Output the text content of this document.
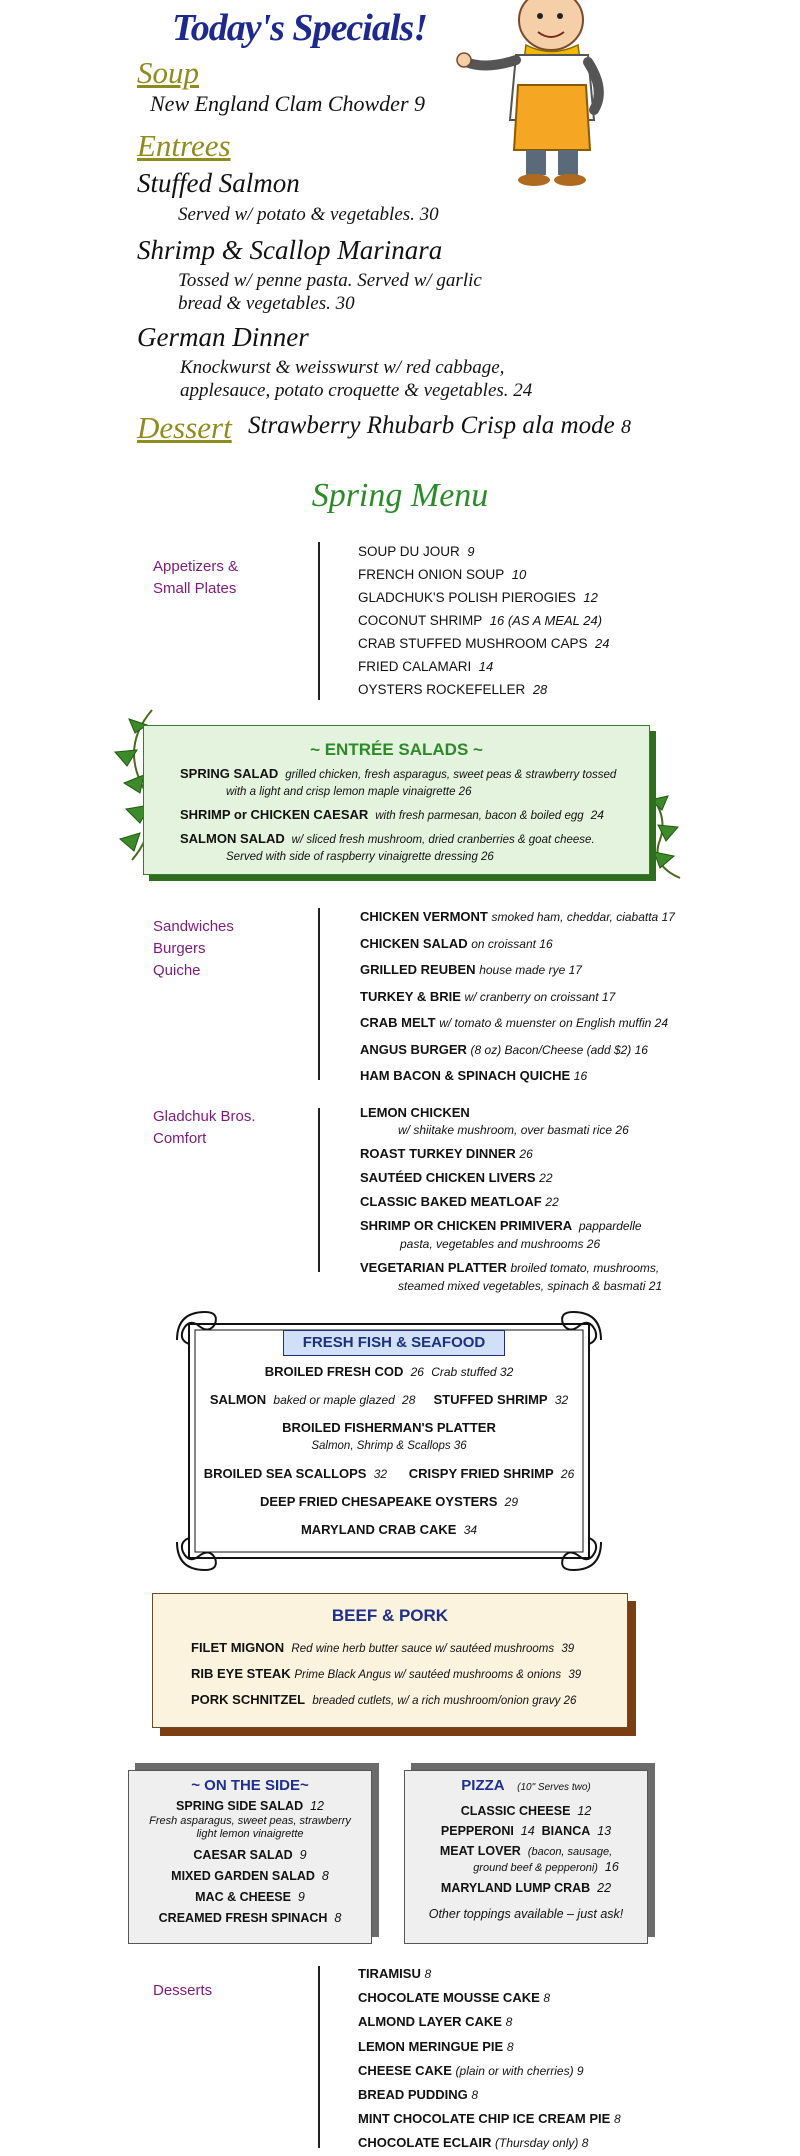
Today's Specials!
Soup
New England Clam Chowder 9
Entrees
Stuffed Salmon
Served w/ potato & vegetables. 30
Shrimp & Scallop Marinara
Tossed w/ penne pasta. Served w/ garlic
bread & vegetables. 30
German Dinner
Knockwurst & weisswurst w/ red cabbage,
applesauce, potato croquette & vegetables. 24
Dessert Strawberry Rhubarb Crisp ala mode 8
Spring Menu
Appetizers &
Small Plates
SOUP DU JOUR 9
FRENCH ONION SOUP 10
GLADCHUK'S POLISH PIEROGIES 12
COCONUT SHRIMP 16 (AS A MEAL 24)
CRAB STUFFED MUSHROOM CAPS 24
FRIED CALAMARI 14
OYSTERS ROCKEFELLER 28
~ ENTRÉE SALADS ~
SPRING SALAD grilled chicken, fresh asparagus, sweet peas & strawberry tossed
with a light and crisp lemon maple vinaigrette 26
SHRIMP or CHICKEN CAESAR with fresh parmesan, bacon & boiled egg 24
SALMON SALAD w/ sliced fresh mushroom, dried cranberries & goat cheese.
Served with side of raspberry vinaigrette dressing 26
Sandwiches
Burgers
Quiche
CHICKEN VERMONT smoked ham, cheddar, ciabatta 17
CHICKEN SALAD on croissant 16
GRILLED REUBEN house made rye 17
TURKEY & BRIE w/ cranberry on croissant 17
CRAB MELT w/ tomato & muenster on English muffin 24
ANGUS BURGER (8 oz) Bacon/Cheese (add $2) 16
HAM BACON & SPINACH QUICHE 16
Gladchuk Bros.
Comfort
LEMON CHICKEN
w/ shiitake mushroom, over basmati rice 26
ROAST TURKEY DINNER 26
SAUTÉED CHICKEN LIVERS 22
CLASSIC BAKED MEATLOAF 22
SHRIMP OR CHICKEN PRIMIVERA pappardelle
pasta, vegetables and mushrooms 26
VEGETARIAN PLATTER broiled tomato, mushrooms,
steamed mixed vegetables, spinach & basmati 21
FRESH FISH & SEAFOOD
BROILED FRESH COD 26 Crab stuffed 32
SALMON baked or maple glazed 28 STUFFED SHRIMP 32
BROILED FISHERMAN'S PLATTER
Salmon, Shrimp & Scallops 36
BROILED SEA SCALLOPS 32 CRISPY FRIED SHRIMP 26
DEEP FRIED CHESAPEAKE OYSTERS 29
MARYLAND CRAB CAKE 34
BEEF & PORK
FILET MIGNON Red wine herb butter sauce w/ sautéed mushrooms 39
RIB EYE STEAK Prime Black Angus w/ sautéed mushrooms & onions 39
PORK SCHNITZEL breaded cutlets, w/ a rich mushroom/onion gravy 26
~ ON THE SIDE~
SPRING SIDE SALAD 12
Fresh asparagus, sweet peas, strawberry
light lemon vinaigrette
CAESAR SALAD 9
MIXED GARDEN SALAD 8
MAC & CHEESE 9
CREAMED FRESH SPINACH 8
PIZZA (10" Serves two)
CLASSIC CHEESE 12
PEPPERONI 14 BIANCA 13
MEAT LOVER (bacon, sausage,
ground beef & pepperoni) 16
MARYLAND LUMP CRAB 22
Other toppings available – just ask!
Desserts
TIRAMISU 8
CHOCOLATE MOUSSE CAKE 8
ALMOND LAYER CAKE 8
LEMON MERINGUE PIE 8
CHEESE CAKE (plain or with cherries) 9
BREAD PUDDING 8
MINT CHOCOLATE CHIP ICE CREAM PIE 8
CHOCOLATE ECLAIR (Thursday only) 8
